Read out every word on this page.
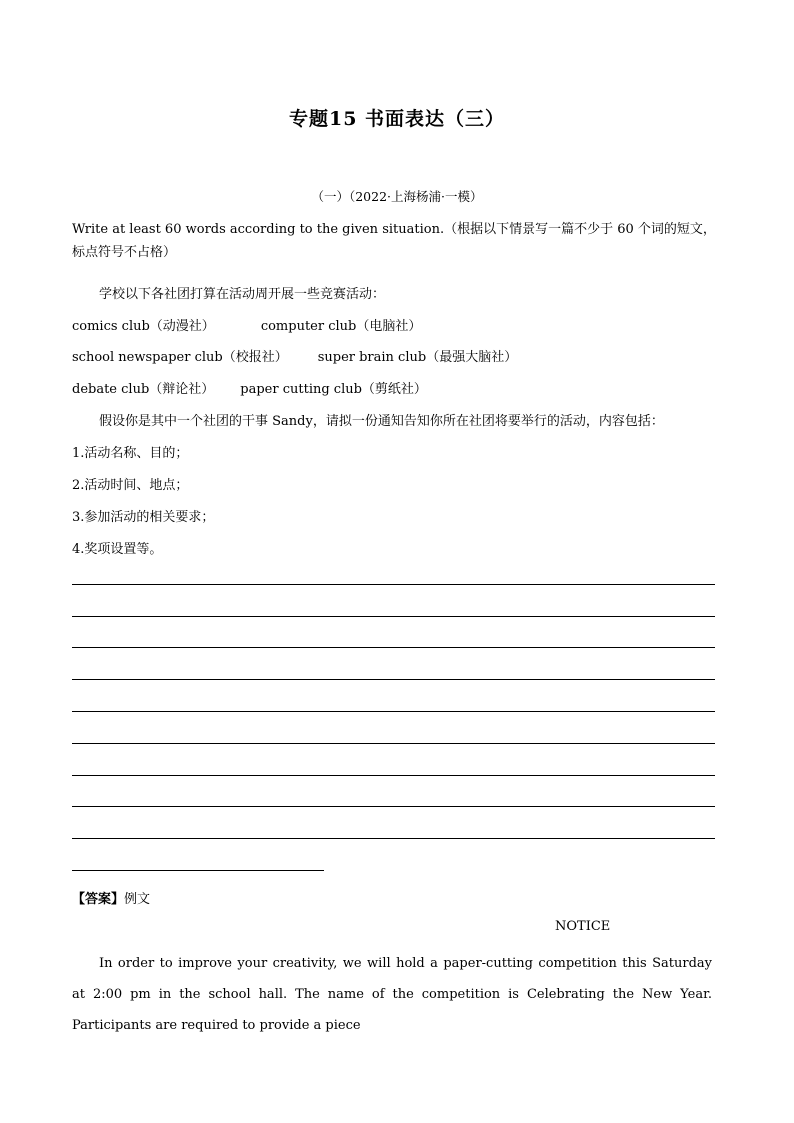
专题15 书面表达（三）
（一）（2022·上海杨浦·一模）
Write at least 60 words according to the given situation.（根据以下情景写一篇不少于 60 个词的短文，标点符号不占格）
学校以下各社团打算在活动周开展一些竞赛活动：
comics club（动漫社）	computer club（电脑社）
school newspaper club（校报社） super brain club（最强大脑社）
debate club（辩论社） paper cutting club（剪纸社）
假设你是其中一个社团的干事 Sandy，请拟一份通知告知你所在社团将要举行的活动，内容包括：
1.活动名称、目的；
2.活动时间、地点；
3.参加活动的相关要求；
4.奖项设置等。
【答案】例文
NOTICE
In order to improve your creativity, we will hold a paper-cutting competition this Saturday at 2:00 pm in the school hall. The name of the competition is Celebrating the New Year. Participants are required to provide a piece
